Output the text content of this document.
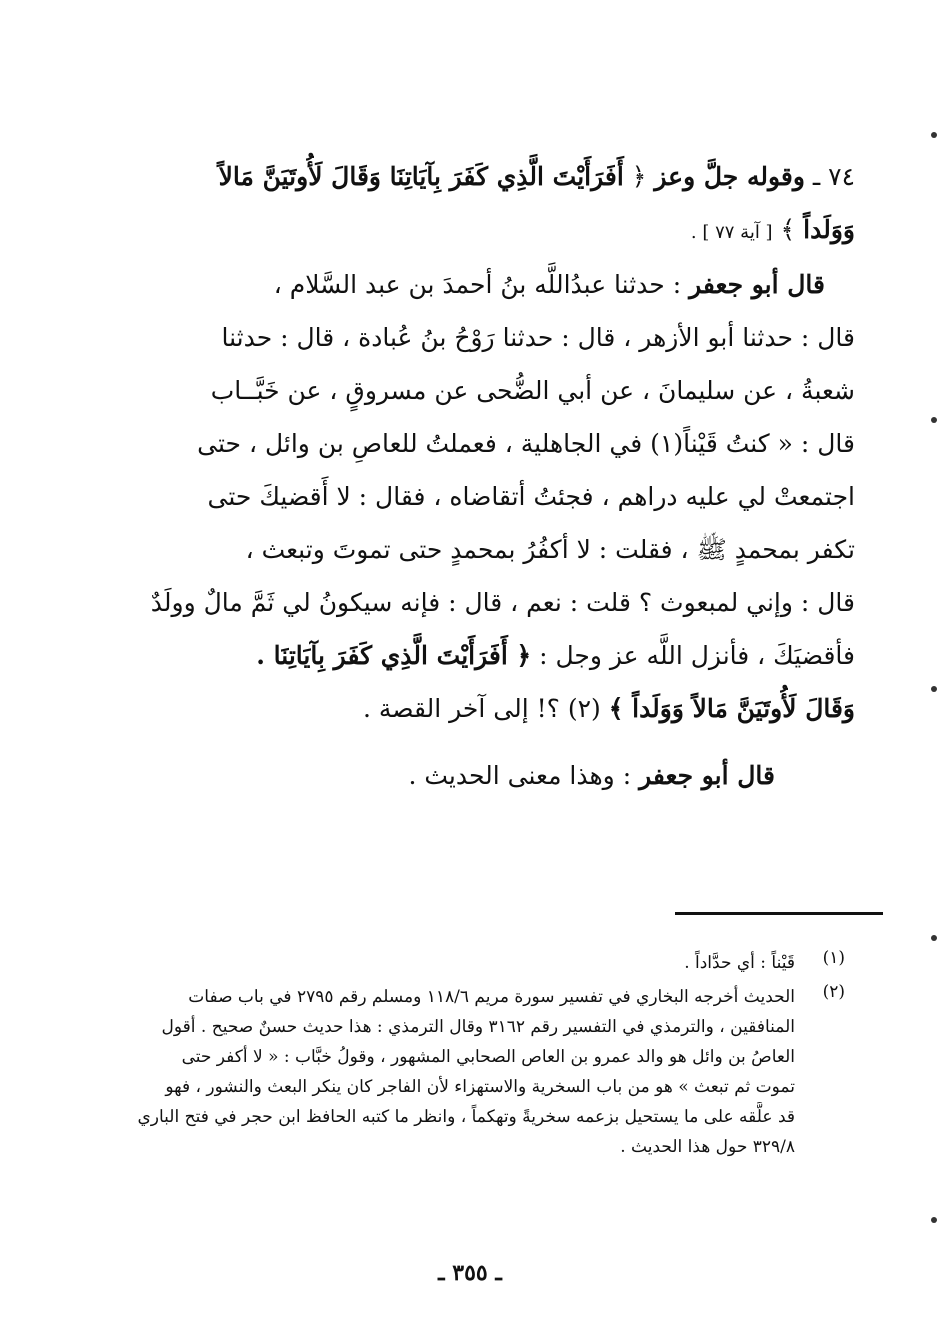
٧٤ ـ وقوله جلَّ وعز ﴿ أَفَرَأَيْتَ الَّذِي كَفَرَ بِآيَاتِنَا وَقَالَ لَأُوتَيَنَّ مَالاً
وَوَلَداً ﴾ [ آية ٧٧ ] .
قال أبو جعفر : حدثنا عبدُاللَّه بنُ أحمدَ بن عبد السَّلام ،
قال : حدثنا أبو الأزهر ، قال : حدثنا رَوْحُ بنُ عُبادة ، قال : حدثنا
شعبةُ ، عن سليمانَ ، عن أبي الضُّحى عن مسروقٍ ، عن خَبَّــاب
قال : « كنتُ قَيْناً(١) في الجاهلية ، فعملتُ للعاصِ بن وائل ، حتى
اجتمعتْ لي عليه دراهم ، فجئتُ أتقاضاه ، فقال : لا أَقضيكَ حتى
تكفر بمحمدٍ ﷺ ، فقلت : لا أكفُرُ بمحمدٍ حتى تموتَ وتبعث ،
قال : وإني لمبعوث ؟ قلت : نعم ، قال : فإنه سيكونُ لي ثَمَّ مالٌ وولَدٌ
فأقضيَكَ ، فأنزل اللَّه عز وجل : ﴿ أَفَرَأَيْتَ الَّذِي كَفَرَ بِآيَاتِنَا .
وَقَالَ لَأُوتَيَنَّ مَالاً وَوَلَداً ﴾ (٢) ؟! إلى آخر القصة .
قال أبو جعفر : وهذا معنى الحديث .
(١)
قَيْناً : أي حدَّاداً .
(٢)
الحديث أخرجه البخاري في تفسير سورة مريم ١١٨/٦ ومسلم رقم ٢٧٩٥ في باب صفات
المنافقين ، والترمذي في التفسير رقم ٣١٦٢ وقال الترمذي : هذا حديث حسنٌ صحيح . أقول
العاصُ بن وائل هو والد عمرو بن العاص الصحابي المشهور ، وقولُ خبَّاب : « لا أكفر حتى
تموت ثم تبعث » هو من باب السخرية والاستهزاء لأن الفاجر كان ينكر البعث والنشور ، فهو
قد علَّقه على ما يستحيل بزعمه سخريةً وتهكماً ، وانظر ما كتبه الحافظ ابن حجر في فتح الباري
٣٢٩/٨ حول هذا الحديث .
ـ ٣٥٥ ـ
